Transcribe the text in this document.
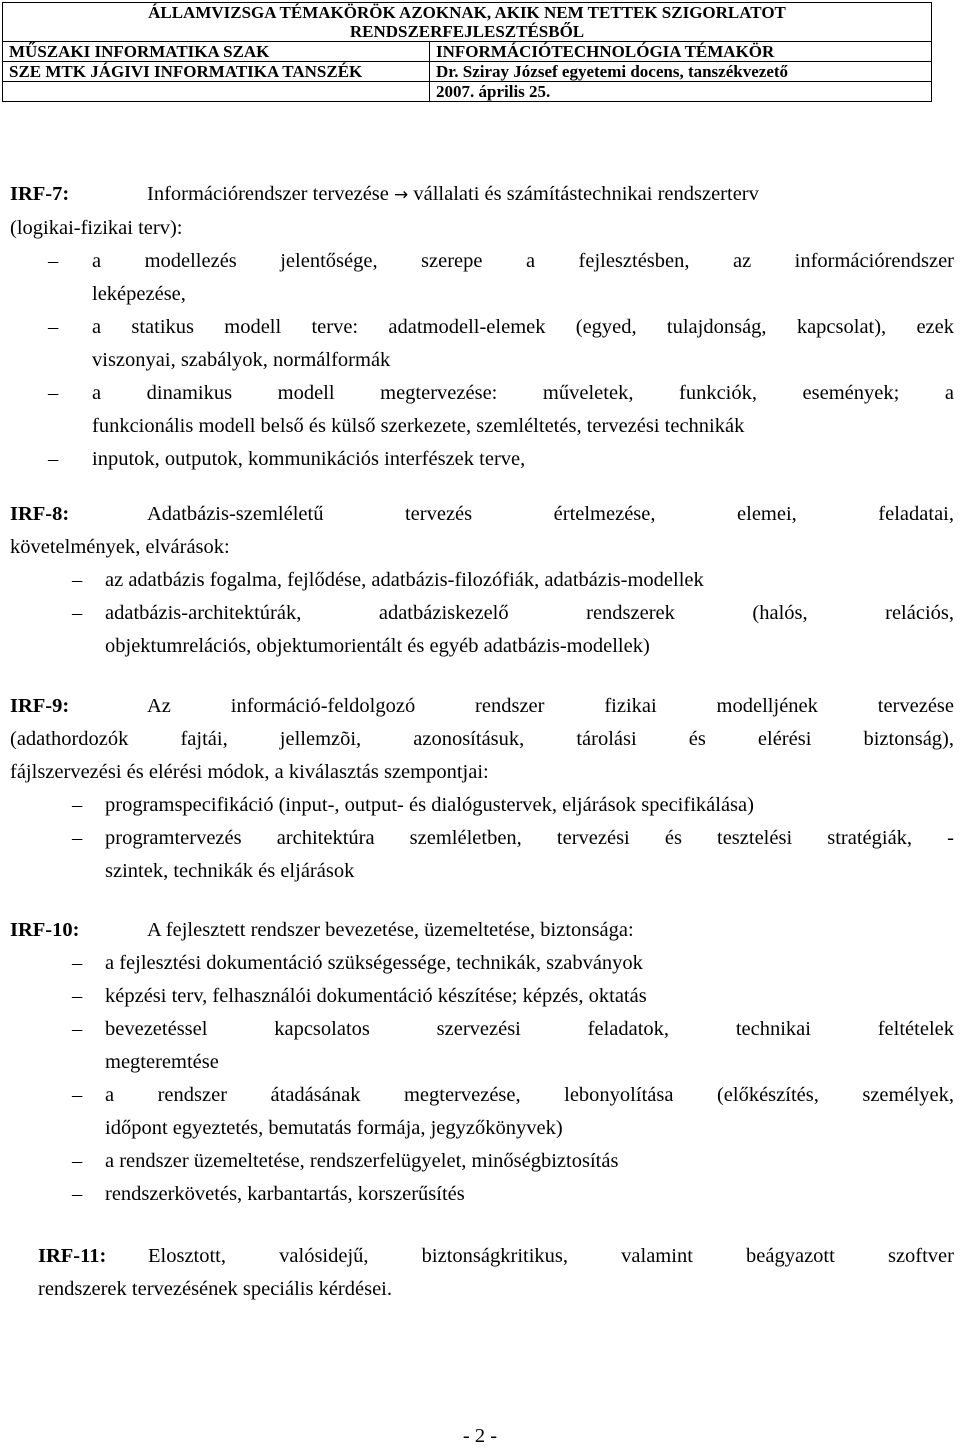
ÁLLAMVIZSGA TÉMAKÖRÖK AZOKNAK, AKIK NEM TETTEK SZIGORLATOT
RENDSZERFEJLESZTÉSBŐL	

MŰSZAKI INFORMATIKA SZAK	INFORMÁCIÓTECHNOLÓGIA TÉMAKÖR
SZE MTK JÁGIVI INFORMATIKA TANSZÉK	Dr. Sziray József egyetemi docens, tanszékvezető
	2007. április 25.

IRF-7:	Információrendszer tervezése → vállalati és számítástechnikai rendszerterv

(logikai-fizikai terv):

– a modellezés jelentősége, szerepe a fejlesztésben, az információrendszer
leképezése,
– a statikus modell terve: adatmodell-elemek (egyed, tulajdonság, kapcsolat), ezek
viszonyai, szabályok, normálformák
– a dinamikus modell megtervezése: műveletek, funkciók, események; a
funkcionális modell belső és külső szerkezete, szemléltetés, tervezési technikák
– inputok, outputok, kommunikációs interfészek terve,

IRF-8:	Adatbázis-szemléletű tervezés értelmezése, elemei, feladatai,

követelmények, elvárások:

– az adatbázis fogalma, fejlődése, adatbázis-filozófiák, adatbázis-modellek
– adatbázis-architektúrák, adatbáziskezelő rendszerek (halós, relációs,
objektumrelációs, objektumorientált és egyéb adatbázis-modellek)

IRF-9:	Az információ-feldolgozó rendszer fizikai modelljének tervezése

(adathordozók fajtái, jellemzõi, azonosításuk, tárolási és elérési biztonság),

fájlszervezési és elérési módok, a kiválasztás szempontjai:

– programspecifikáció (input-, output- és dialógustervek, eljárások specifikálása)
– programtervezés architektúra szemléletben, tervezési és tesztelési stratégiák, -
szintek, technikák és eljárások

IRF-10:	A fejlesztett rendszer bevezetése, üzemeltetése, biztonsága:

– a fejlesztési dokumentáció szükségessége, technikák, szabványok
– képzési terv, felhasználói dokumentáció készítése; képzés, oktatás
– bevezetéssel kapcsolatos szervezési feladatok, technikai feltételek
megteremtése
– a rendszer átadásának megtervezése, lebonyolítása (előkészítés, személyek,
időpont egyeztetés, bemutatás formája, jegyzőkönyvek)
– a rendszer üzemeltetése, rendszerfelügyelet, minőségbiztosítás
– rendszerkövetés, karbantartás, korszerűsítés

IRF-11: Elosztott, valósidejű, biztonságkritikus, valamint beágyazott szoftver

rendszerek tervezésének speciális kérdései.

- 2 -
